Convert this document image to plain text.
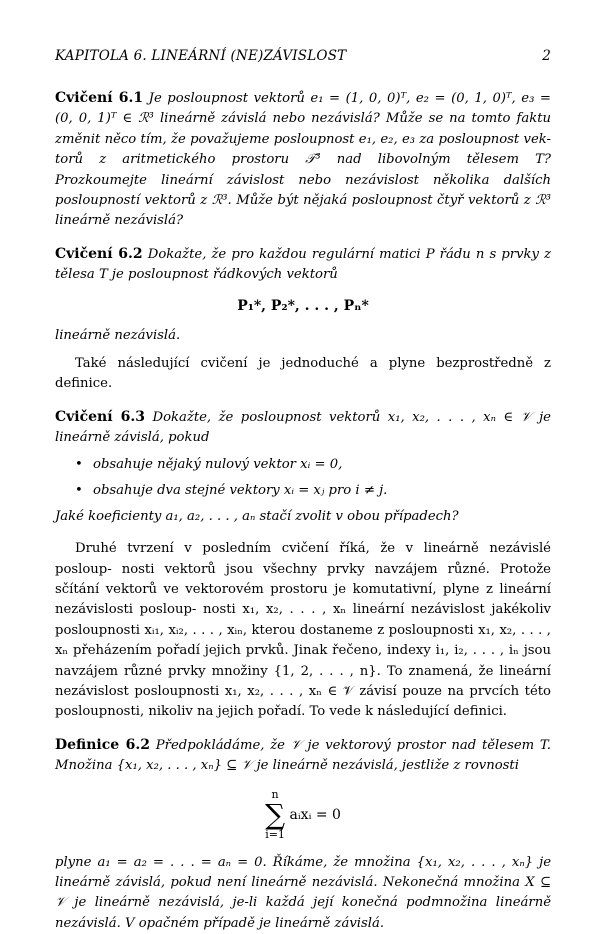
KAPITOLA 6. LINEÁRNÍ (NE)ZÁVISLOST	2
Cvičení 6.1 Je posloupnost vektorů e₁ = (1, 0, 0)ᵀ, e₂ = (0, 1, 0)ᵀ, e₃ = (0, 0, 1)ᵀ ∈ ℛ³ lineárně závislá nebo nezávislá? Může se na tomto faktu změnit něco tím, že považujeme posloupnost e₁, e₂, e₃ za posloupnost vek- torů z aritmetického prostoru 𝒯³ nad libovolným tělesem T? Prozkoumejte lineární závislost nebo nezávislost několika dalších posloupností vektorů z ℛ³. Může být nějaká posloupnost čtyř vektorů z ℛ³ lineárně nezávislá?
Cvičení 6.2 Dokažte, že pro každou regulární matici P řádu n s prvky z tělesa T je posloupnost řádkových vektorů
P₁*, P₂*, . . . , Pₙ*
lineárně nezávislá.
Také následující cvičení je jednoduché a plyne bezprostředně z definice.
Cvičení 6.3 Dokažte, že posloupnost vektorů x₁, x₂, . . . , xₙ ∈ 𝒱 je lineárně závislá, pokud
• obsahuje nějaký nulový vektor xᵢ = 0,
• obsahuje dva stejné vektory xᵢ = xⱼ pro i ≠ j.
Jaké koeficienty a₁, a₂, . . . , aₙ stačí zvolit v obou případech?
Druhé tvrzení v posledním cvičení říká, že v lineárně nezávislé posloup- nosti vektorů jsou všechny prvky navzájem různé. Protože sčítání vektorů ve vektorovém prostoru je komutativní, plyne z lineární nezávislosti posloup- nosti x₁, x₂, . . . , xₙ lineární nezávislost jakékoliv posloupnosti xᵢ₁, xᵢ₂, . . . , xᵢₙ, kterou dostaneme z posloupnosti x₁, x₂, . . . , xₙ přeházením pořadí jejich prvků. Jinak řečeno, indexy i₁, i₂, . . . , iₙ jsou navzájem různé prvky množiny {1, 2, . . . , n}. To znamená, že lineární nezávislost posloupnosti x₁, x₂, . . . , xₙ ∈ 𝒱 závisí pouze na prvcích této posloupnosti, nikoliv na jejich pořadí. To vede k následující definici.
Definice 6.2 Předpokládáme, že 𝒱 je vektorový prostor nad tělesem T. Množina {x₁, x₂, . . . , xₙ} ⊆ 𝒱 je lineárně nezávislá, jestliže z rovnosti
n
∑
i=1
aᵢxᵢ = 0
plyne a₁ = a₂ = . . . = aₙ = 0. Říkáme, že množina {x₁, x₂, . . . , xₙ} je lineárně závislá, pokud není lineárně nezávislá. Nekonečná množina X ⊆ 𝒱 je lineárně nezávislá, je-li každá její konečná podmnožina lineárně nezávislá. V opačném případě je lineárně závislá.
